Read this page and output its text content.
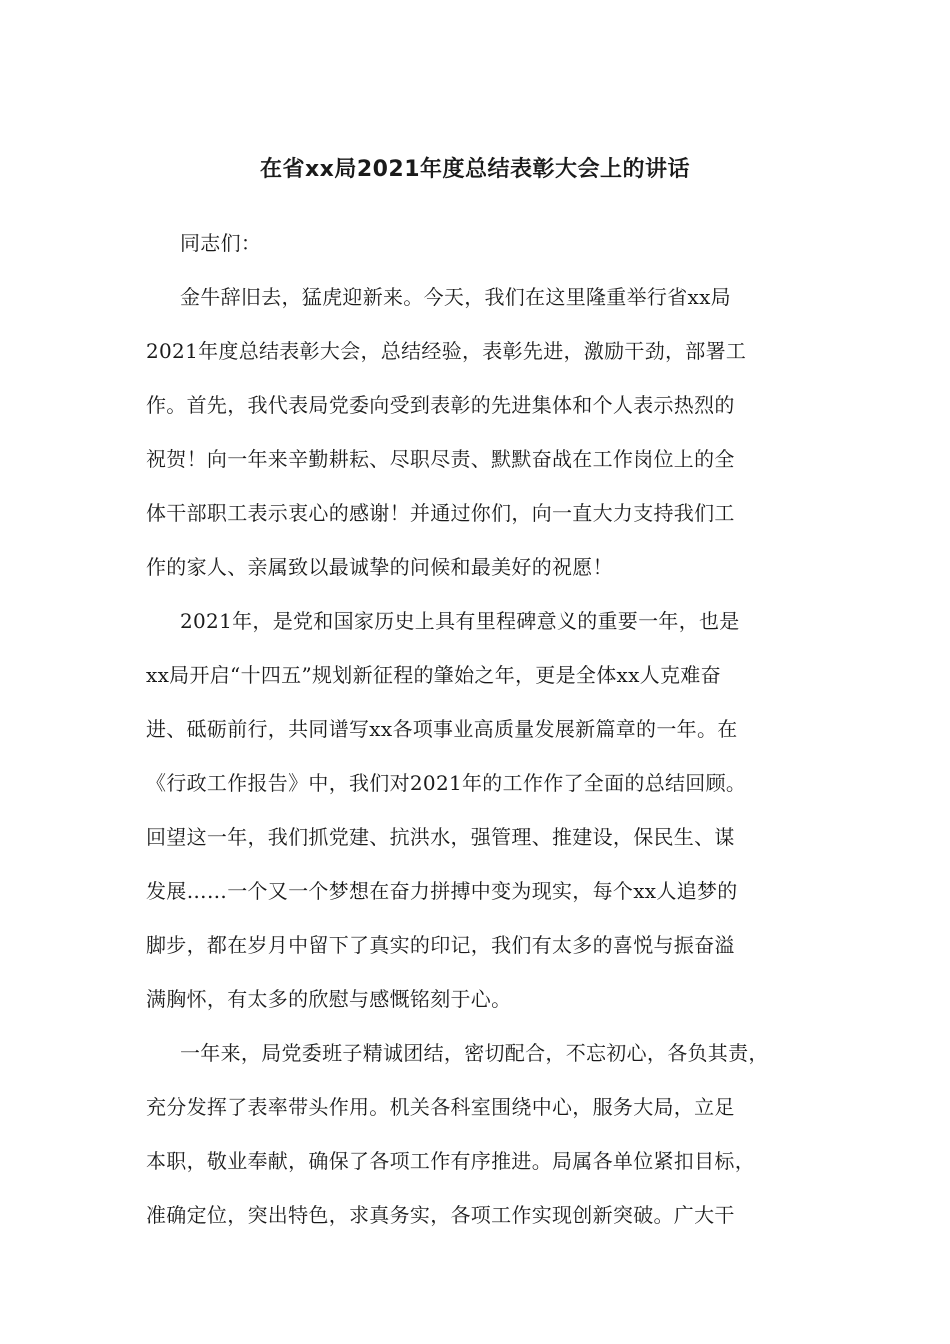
在省xx局2021年度总结表彰大会上的讲话
同志们：
金牛辞旧去，猛虎迎新来。今天，我们在这里隆重举行省xx局
2021年度总结表彰大会，总结经验，表彰先进，激励干劲，部署工
作。首先，我代表局党委向受到表彰的先进集体和个人表示热烈的
祝贺！向一年来辛勤耕耘、尽职尽责、默默奋战在工作岗位上的全
体干部职工表示衷心的感谢！并通过你们，向一直大力支持我们工
作的家人、亲属致以最诚挚的问候和最美好的祝愿！
2021年，是党和国家历史上具有里程碑意义的重要一年，也是
xx局开启“十四五”规划新征程的肇始之年，更是全体xx人克难奋
进、砥砺前行，共同谱写xx各项事业高质量发展新篇章的一年。在
《行政工作报告》中，我们对2021年的工作作了全面的总结回顾。
回望这一年，我们抓党建、抗洪水，强管理、推建设，保民生、谋
发展……一个又一个梦想在奋力拼搏中变为现实，每个xx人追梦的
脚步，都在岁月中留下了真实的印记，我们有太多的喜悦与振奋溢
满胸怀，有太多的欣慰与感慨铭刻于心。
一年来，局党委班子精诚团结，密切配合，不忘初心，各负其责，
充分发挥了表率带头作用。机关各科室围绕中心，服务大局，立足
本职，敬业奉献，确保了各项工作有序推进。局属各单位紧扣目标，
准确定位，突出特色，求真务实，各项工作实现创新突破。广大干
